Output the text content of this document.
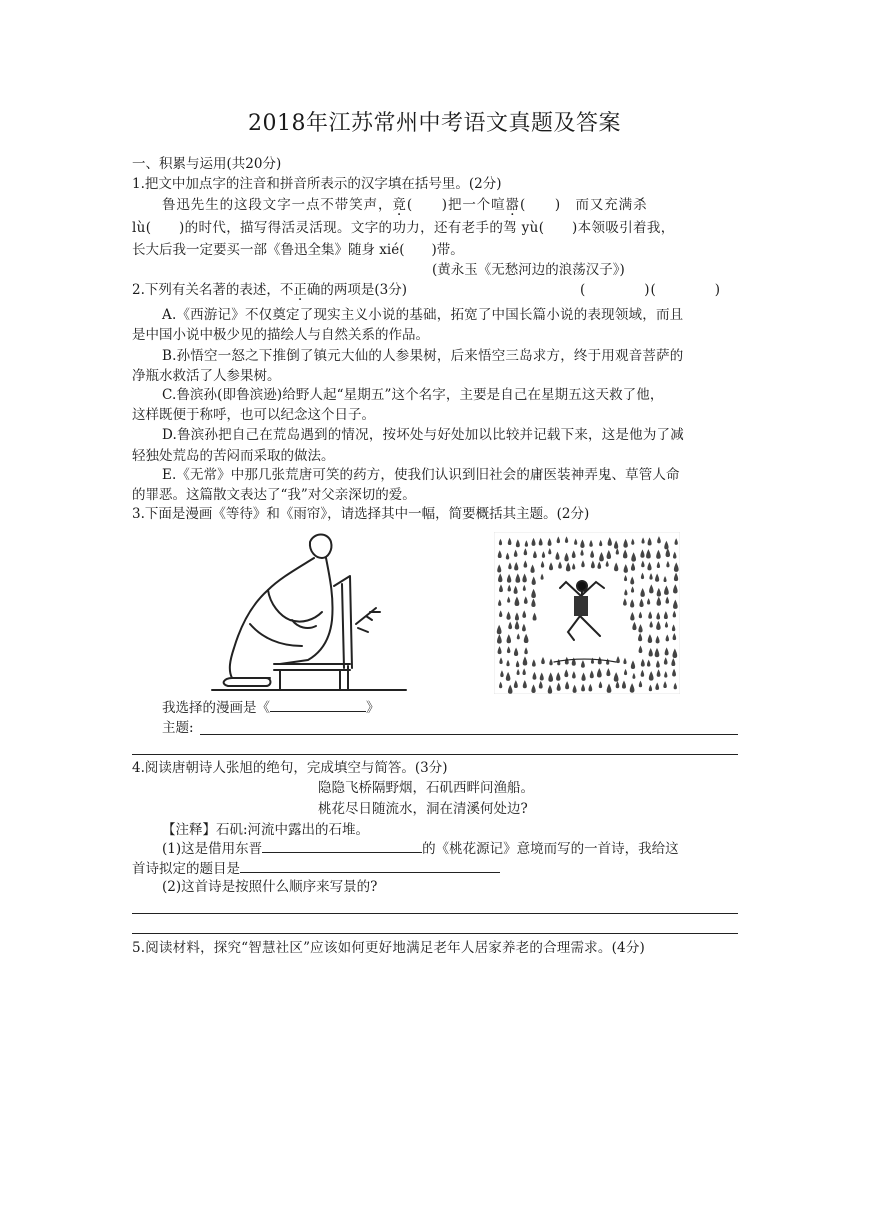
2018年江苏常州中考语文真题及答案
一、积累与运用(共20分)
1.把文中加点字的注音和拼音所表示的汉字填在括号里。(2分)
鲁迅先生的这段文字一点不带笑声，竟(　　)把一个喧嚣(　　)　而又充满杀
lù(　　)的时代，描写得活灵活现。文字的功力，还有老手的驾 yù(　　)本领吸引着我，
长大后我一定要买一部《鲁迅全集》随身 xié(　　)带。
(黄永玉《无愁河边的浪荡汉子》)
2.下列有关名著的表述，不正确的两项是(3分)	(　　　　)(　　　　)
A.《西游记》不仅奠定了现实主义小说的基础，拓宽了中国长篇小说的表现领域，而且
是中国小说中极少见的描绘人与自然关系的作品。
B.孙悟空一怒之下推倒了镇元大仙的人参果树，后来悟空三岛求方，终于用观音菩萨的
净瓶水救活了人参果树。
C.鲁滨孙(即鲁滨逊)给野人起“星期五”这个名字，主要是自己在星期五这天救了他，
这样既便于称呼，也可以纪念这个日子。
D.鲁滨孙把自己在荒岛遇到的情况，按坏处与好处加以比较并记载下来，这是他为了减
轻独处荒岛的苦闷而采取的做法。
E.《无常》中那几张荒唐可笑的药方，使我们认识到旧社会的庸医装神弄鬼、草管人命
的罪恶。这篇散文表达了“我”对父亲深切的爱。
3.下面是漫画《等待》和《雨帘》，请选择其中一幅，简要概括其主题。(2分)
我选择的漫画是《	》
主题:
4.阅读唐朝诗人张旭的绝句，完成填空与简答。(3分)
隐隐飞桥隔野烟，石矶西畔问渔船。
桃花尽日随流水，洞在清溪何处边?
【注释】石矶:河流中露出的石堆。
(1)这是借用东晋	的《桃花源记》意境而写的一首诗，我给这
首诗拟定的题目是
(2)这首诗是按照什么顺序来写景的?
5.阅读材料，探究“智慧社区”应该如何更好地满足老年人居家养老的合理需求。(4分)
